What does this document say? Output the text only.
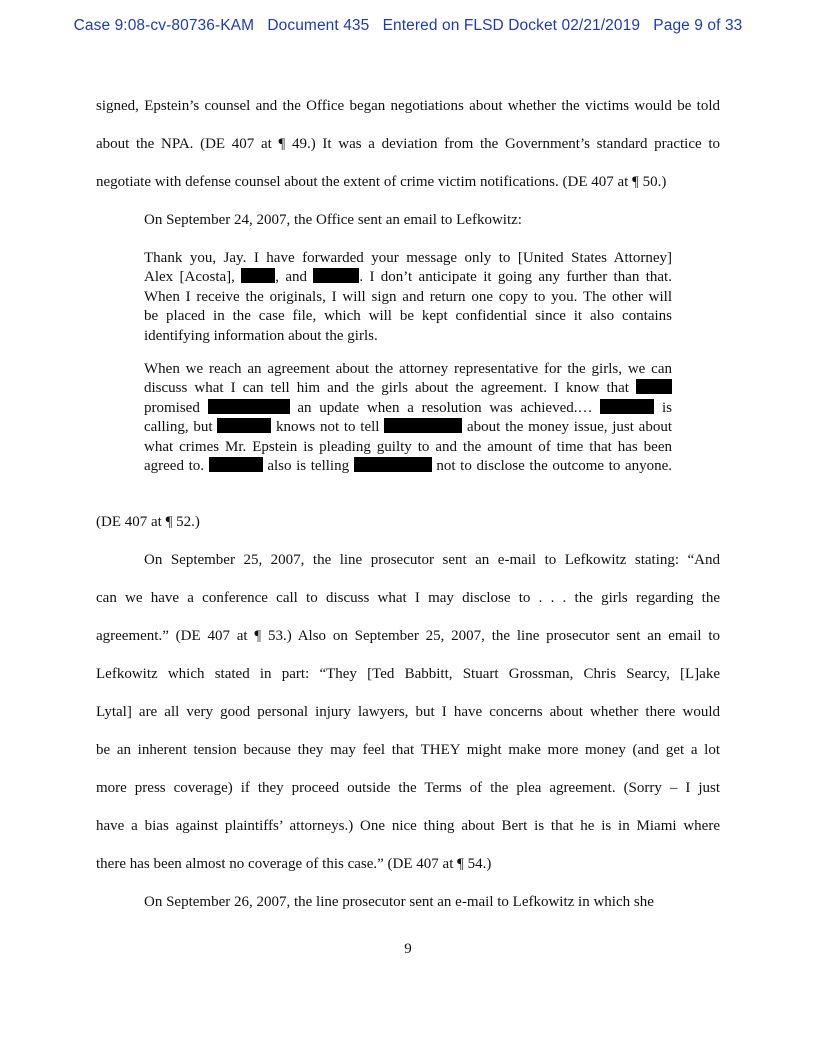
Case 9:08-cv-80736-KAM   Document 435   Entered on FLSD Docket 02/21/2019   Page 9 of 33
signed, Epstein’s counsel and the Office began negotiations about whether the victims would be told
about the NPA. (DE 407 at ¶ 49.) It was a deviation from the Government’s standard practice to
negotiate with defense counsel about the extent of crime victim notifications. (DE 407 at ¶ 50.)
On September 24, 2007, the Office sent an email to Lefkowitz:
Thank you, Jay. I have forwarded your message only to [United States Attorney]
Alex [Acosta], , and	. I don’t anticipate it going any further than that.
When I receive the originals, I will sign and return one copy to you. The other will
be placed in the case file, which will be kept confidential since it also contains
identifying information about the girls.
When we reach an agreement about the attorney representative for the girls, we can
discuss what I can tell him and the girls about the agreement. I know that
promised	an update when a resolution was achieved.…	is
calling, but	knows not to tell	about the money issue, just about
what crimes Mr. Epstein is pleading guilty to and the amount of time that has been
agreed to.	also is telling	not to disclose the outcome to anyone.
(DE 407 at ¶ 52.)
On September 25, 2007, the line prosecutor sent an e-mail to Lefkowitz stating: “And
can we have a conference call to discuss what I may disclose to . . . the girls regarding the
agreement.” (DE 407 at ¶ 53.) Also on September 25, 2007, the line prosecutor sent an email to
Lefkowitz which stated in part: “They [Ted Babbitt, Stuart Grossman, Chris Searcy, [L]ake
Lytal] are all very good personal injury lawyers, but I have concerns about whether there would
be an inherent tension because they may feel that THEY might make more money (and get a lot
more press coverage) if they proceed outside the Terms of the plea agreement. (Sorry – I just
have a bias against plaintiffs’ attorneys.) One nice thing about Bert is that he is in Miami where
there has been almost no coverage of this case.” (DE 407 at ¶ 54.)
On September 26, 2007, the line prosecutor sent an e-mail to Lefkowitz in which she
9
